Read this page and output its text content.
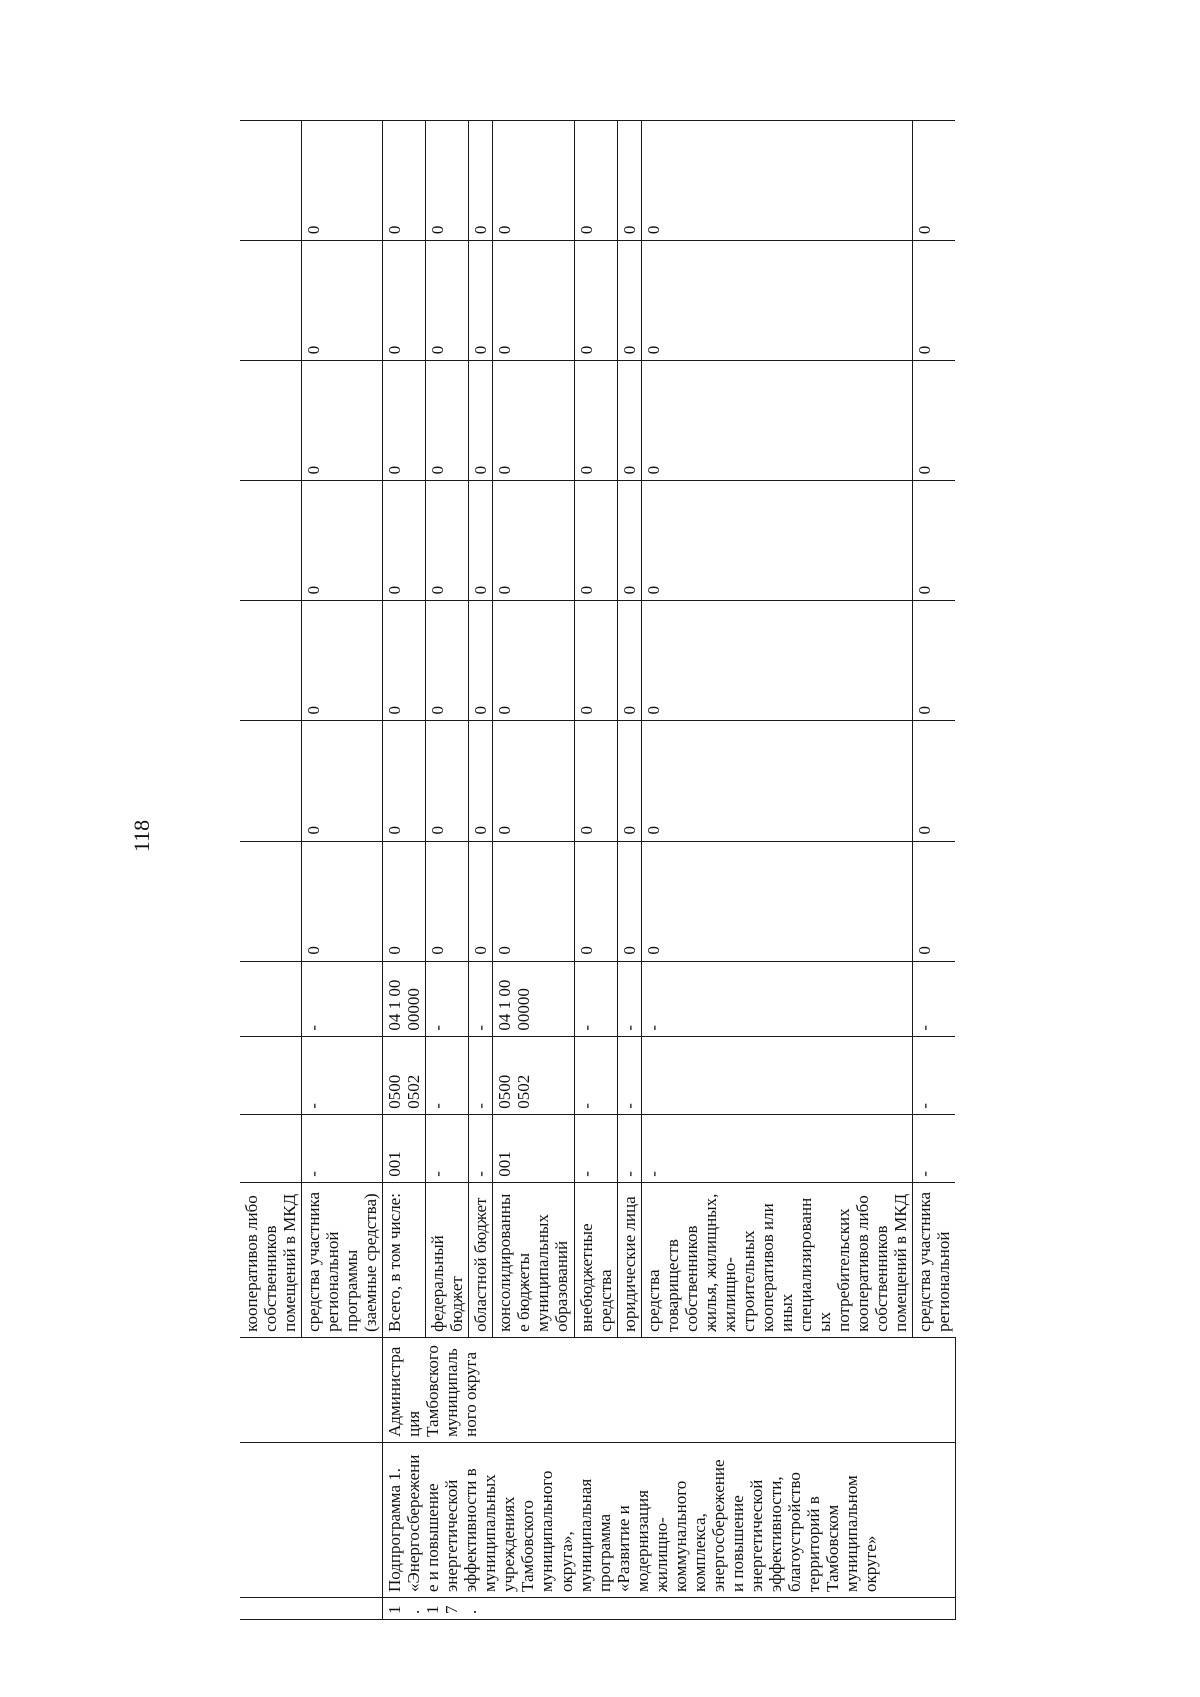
118
			кооперативов либо собственников помещений в МКД										
			средства участника региональной программы (заемные средства)	-	-	-	0	0	0	0	0	0	0
1.17.	Подпрограмма 1. «Энергосбережение и повышение энергетической эффективности в муниципальных учреждениях Тамбовского муниципального округа», муниципальная программа «Развитие и модернизация жилищно-коммунального комплекса, энергосбережение и повышение энергетической эффективности, благоустройство территорий в Тамбовском муниципальном округе»	Администрация Тамбовского муниципального округа	Всего, в том числе:	001	0500 0502	04 1 00 00000	0	0	0	0	0	0	0
			федеральный бюджет	-	-	-	0	0	0	0	0	0	0
			областной бюджет	-	-	-	0	0	0	0	0	0	0
			консолидированные бюджеты муниципальных образований	001	0500 0502	04 1 00 00000	0	0	0	0	0	0	0
			внебюджетные средства	-	-	-	0	0	0	0	0	0	0
			юридические лица	-	-	-	0	0	0	0	0	0	0
			средства товариществ собственников жилья, жилищных, жилищно-строительных кооперативов или иных специализированных потребительских кооперативов либо собственников помещений в МКД	-		-	0	0	0	0	0	0	0
			средства участника региональной	-	-	-	0	0	0	0	0	0	0
